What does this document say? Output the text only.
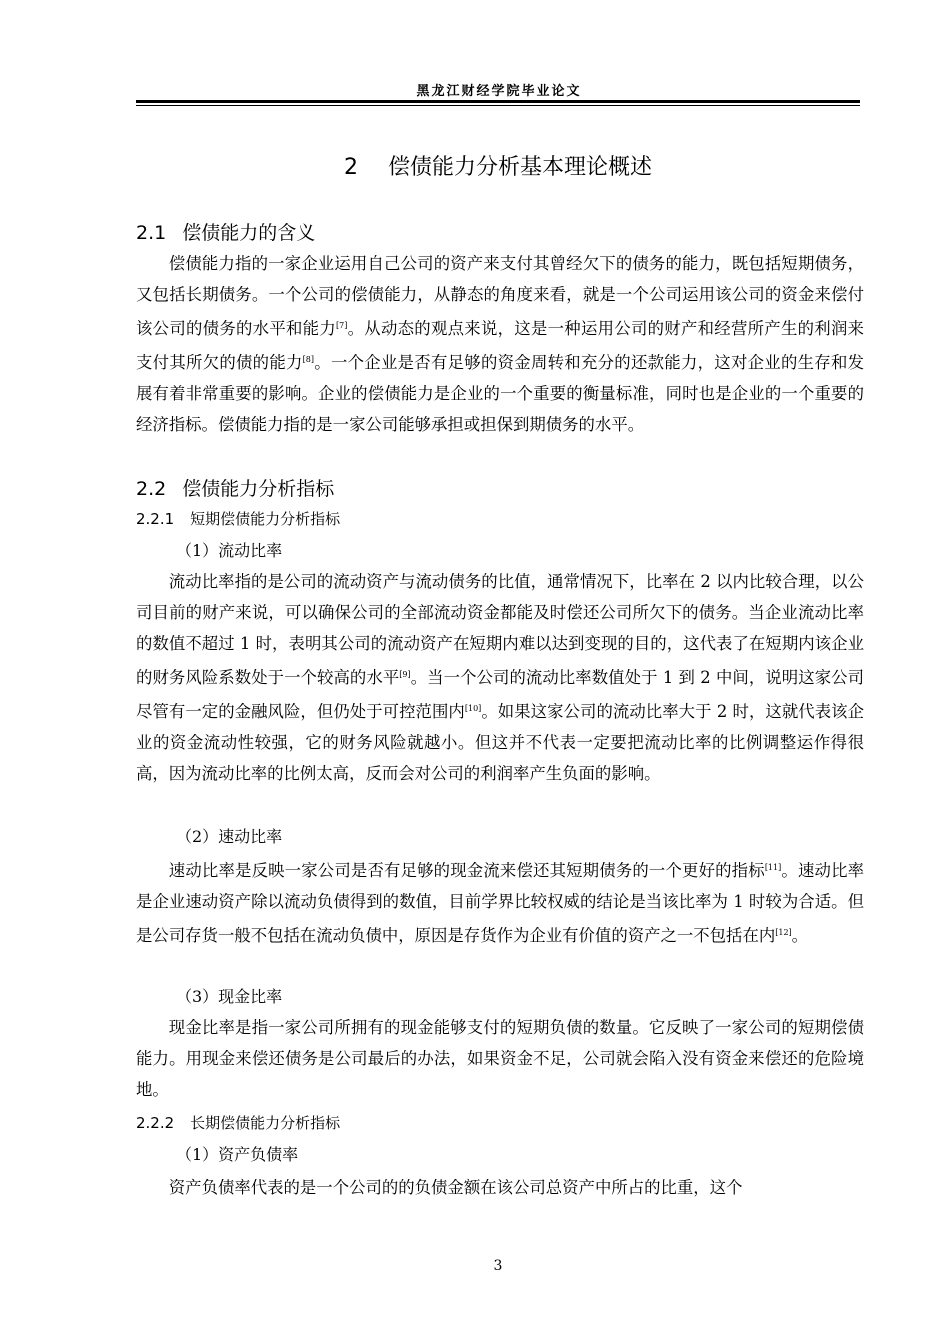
黑龙江财经学院毕业论文
2 偿债能力分析基本理论概述
2.1 偿债能力的含义

偿债能力指的一家企业运用自己公司的资产来支付其曾经欠下的债务的能力，既包括短期债务，又包括长期债务。一个公司的偿债能力，从静态的角度来看，就是一个公司运用该公司的资金来偿付该公司的债务的水平和能力[7]。从动态的观点来说，这是一种运用公司的财产和经营所产生的利润来支付其所欠的债的能力[8]。一个企业是否有足够的资金周转和充分的还款能力，这对企业的生存和发展有着非常重要的影响。企业的偿债能力是企业的一个重要的衡量标准，同时也是企业的一个重要的经济指标。偿债能力指的是一家公司能够承担或担保到期债务的水平。

2.2 偿债能力分析指标
2.2.1 短期偿债能力分析指标
（1）流动比率

流动比率指的是公司的流动资产与流动债务的比值，通常情况下，比率在 2 以内比较合理，以公司目前的财产来说，可以确保公司的全部流动资金都能及时偿还公司所欠下的债务。当企业流动比率的数值不超过 1 时，表明其公司的流动资产在短期内难以达到变现的目的，这代表了在短期内该企业的财务风险系数处于一个较高的水平[9]。当一个公司的流动比率数值处于 1 到 2 中间，说明这家公司尽管有一定的金融风险，但仍处于可控范围内[10]。如果这家公司的流动比率大于 2 时，这就代表该企业的资金流动性较强，它的财务风险就越小。但这并不代表一定要把流动比率的比例调整运作得很高，因为流动比率的比例太高，反而会对公司的利润率产生负面的影响。

（2）速动比率

速动比率是反映一家公司是否有足够的现金流来偿还其短期债务的一个更好的指标[11]。速动比率是企业速动资产除以流动负债得到的数值，目前学界比较权威的结论是当该比率为 1 时较为合适。但是公司存货一般不包括在流动负债中，原因是存货作为企业有价值的资产之一不包括在内[12]。

（3）现金比率

现金比率是指一家公司所拥有的现金能够支付的短期负债的数量。它反映了一家公司的短期偿债能力。用现金来偿还债务是公司最后的办法，如果资金不足，公司就会陷入没有资金来偿还的危险境地。

2.2.2 长期偿债能力分析指标
（1）资产负债率

资产负债率代表的是一个公司的的负债金额在该公司总资产中所占的比重，这个

3
